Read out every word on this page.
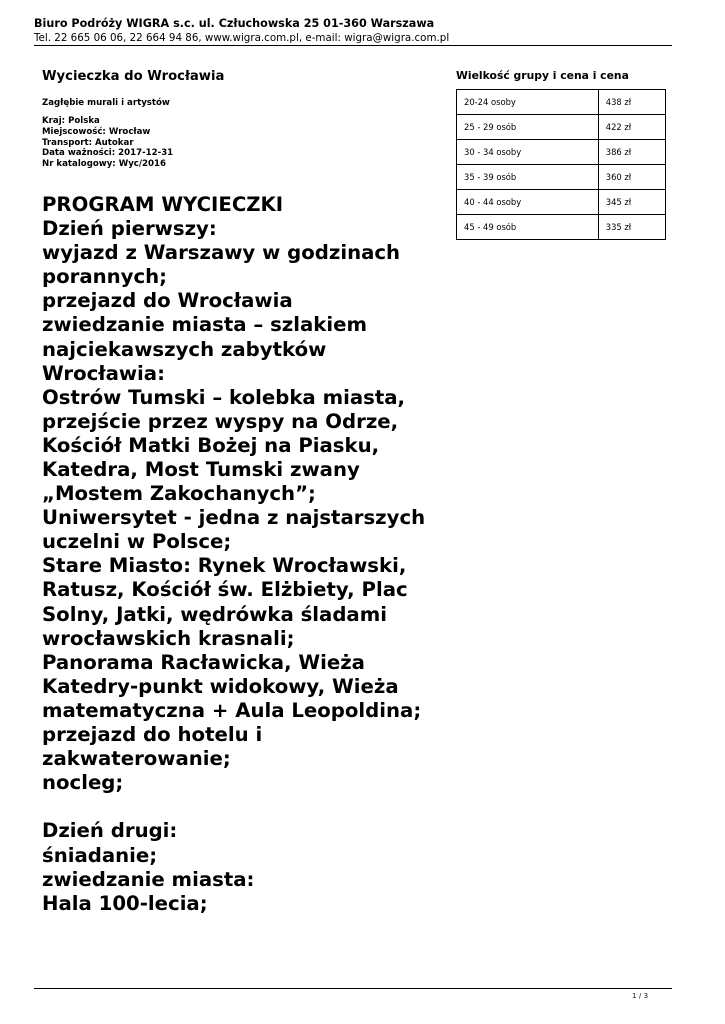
Biuro Podróży WIGRA s.c. ul. Człuchowska 25 01-360 Warszawa
Tel. 22 665 06 06, 22 664 94 86, www.wigra.com.pl, e-mail: wigra@wigra.com.pl
Wycieczka do Wrocławia
Zagłębie murali i artystów
Kraj: Polska
Miejscowość: Wrocław
Transport: Autokar
Data ważności: 2017-12-31
Nr katalogowy: Wyc/2016
PROGRAM WYCIECZKI
Dzień pierwszy:
wyjazd z Warszawy w godzinach
porannych;
przejazd do Wrocławia
zwiedzanie miasta – szlakiem
najciekawszych zabytków
Wrocławia:
Ostrów Tumski – kolebka miasta,
przejście przez wyspy na Odrze,
Kościół Matki Bożej na Piasku,
Katedra, Most Tumski zwany
„Mostem Zakochanych”;
Uniwersytet - jedna z najstarszych
uczelni w Polsce;
Stare Miasto: Rynek Wrocławski,
Ratusz, Kościół św. Elżbiety, Plac
Solny, Jatki, wędrówka śladami
wrocławskich krasnali;
Panorama Racławicka, Wieża
Katedry-punkt widokowy, Wieża
matematyczna + Aula Leopoldina;
przejazd do hotelu i
zakwaterowanie;
nocleg;
Dzień drugi:
śniadanie;
zwiedzanie miasta:
Hala 100-lecia;
Wielkość grupy i cena i cena
20-24 osoby	438 zł
25 - 29 osób	422 zł
30 - 34 osoby	386 zł
35 - 39 osób	360 zł
40 - 44 osoby	345 zł
45 - 49 osób	335 zł
1 / 3
